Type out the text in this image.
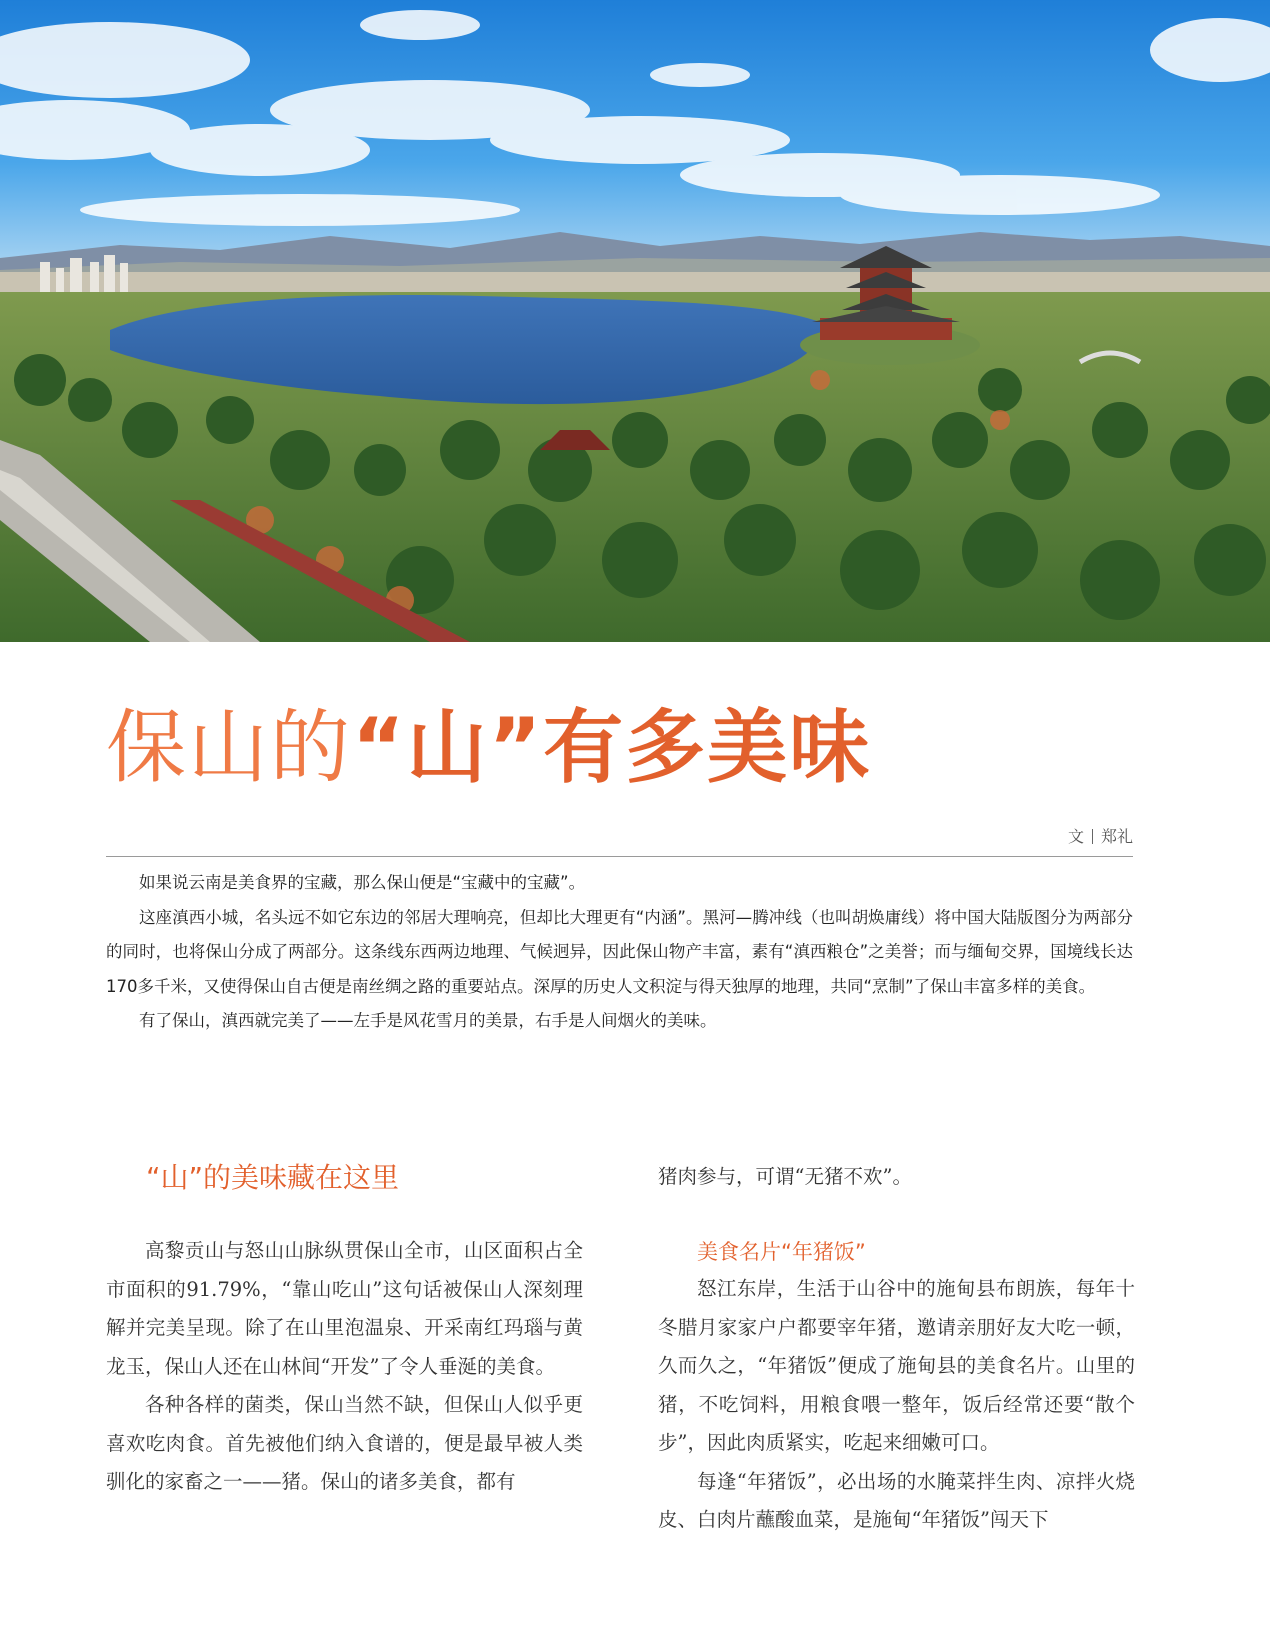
保山的“山”有多美味
文 郑礼

如果说云南是美食界的宝藏，那么保山便是“宝藏中的宝藏”。

这座滇西小城，名头远不如它东边的邻居大理响亮，但却比大理更有“内涵”。黑河—腾冲线（也叫胡焕庸线）将中国大陆版图分为两部分的同时，也将保山分成了两部分。这条线东西两边地理、气候迥异，因此保山物产丰富，素有“滇西粮仓”之美誉；而与缅甸交界，国境线长达170多千米，又使得保山自古便是南丝绸之路的重要站点。深厚的历史人文积淀与得天独厚的地理，共同“烹制”了保山丰富多样的美食。

有了保山，滇西就完美了——左手是风花雪月的美景，右手是人间烟火的美味。

“山”的美味藏在这里

高黎贡山与怒山山脉纵贯保山全市，山区面积占全市面积的91.79%，“靠山吃山”这句话被保山人深刻理解并完美呈现。除了在山里泡温泉、开采南红玛瑙与黄龙玉，保山人还在山林间“开发”了令人垂涎的美食。

各种各样的菌类，保山当然不缺，但保山人似乎更喜欢吃肉食。首先被他们纳入食谱的，便是最早被人类驯化的家畜之一——猪。保山的诸多美食，都有

猪肉参与，可谓“无猪不欢”。

美食名片“年猪饭”

怒江东岸，生活于山谷中的施甸县布朗族，每年十冬腊月家家户户都要宰年猪，邀请亲朋好友大吃一顿，久而久之，“年猪饭”便成了施甸县的美食名片。山里的猪，不吃饲料，用粮食喂一整年，饭后经常还要“散个步”，因此肉质紧实，吃起来细嫩可口。

每逢“年猪饭”，必出场的水腌菜拌生肉、凉拌火烧皮、白肉片蘸酸血菜，是施甸“年猪饭”闯天下
